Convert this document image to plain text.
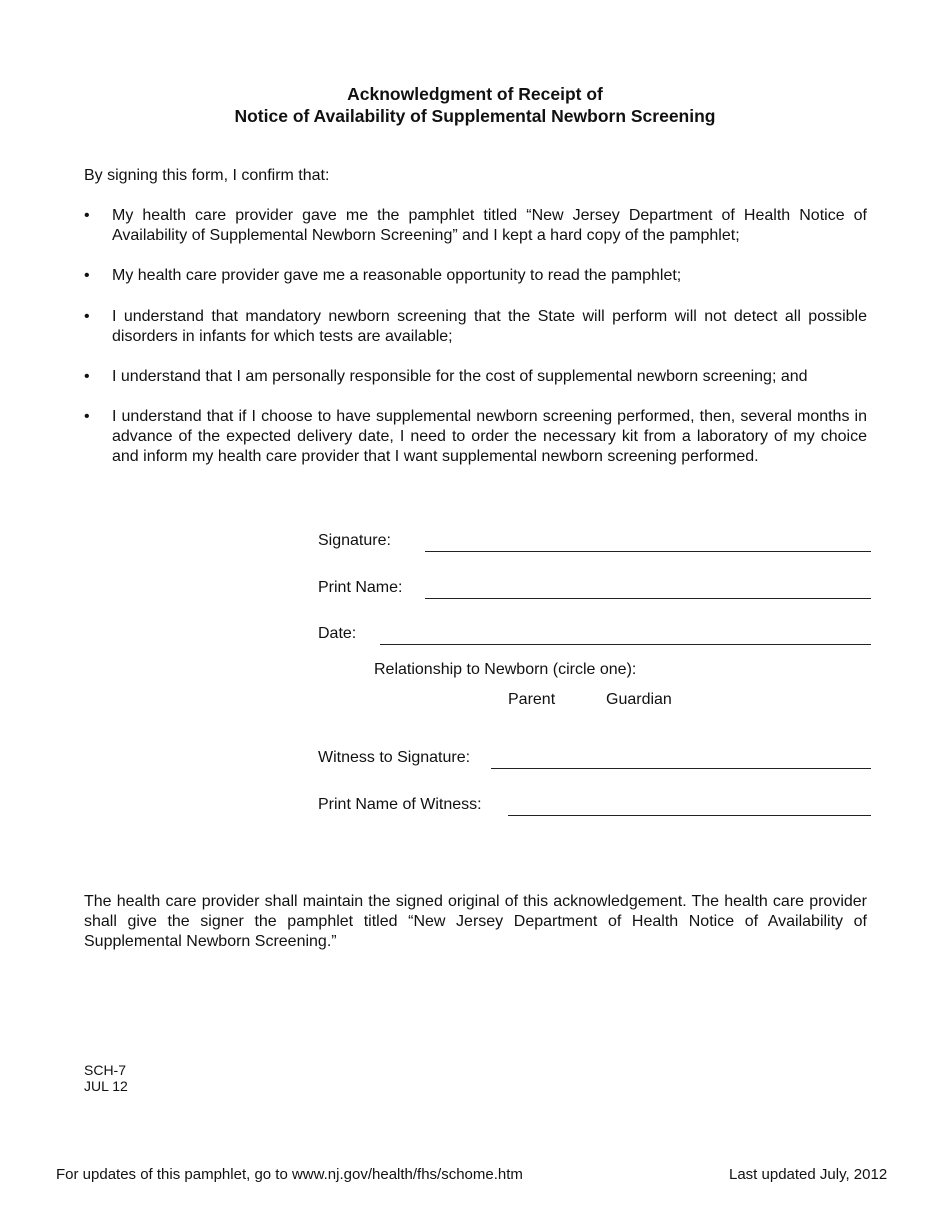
Acknowledgment of Receipt of
Notice of Availability of Supplemental Newborn Screening
By signing this form, I confirm that:
•	My health care provider gave me the pamphlet titled “New Jersey Department of Health Notice of Availability of Supplemental Newborn Screening” and I kept a hard copy of the pamphlet;
•	My health care provider gave me a reasonable opportunity to read the pamphlet;
•	I understand that mandatory newborn screening that the State will perform will not detect all possible disorders in infants for which tests are available;
•	I understand that I am personally responsible for the cost of supplemental newborn screening; and
•	I understand that if I choose to have supplemental newborn screening performed, then, several months in advance of the expected delivery date, I need to order the necessary kit from a laboratory of my choice and inform my health care provider that I want supplemental newborn screening performed.
Signature:
Print Name:
Date:
Relationship to Newborn (circle one):
Parent	Guardian
Witness to Signature:
Print Name of Witness:
The health care provider shall maintain the signed original of this acknowledgement. The health care provider shall give the signer the pamphlet titled “New Jersey Department of Health Notice of Availability of Supplemental Newborn Screening.”
SCH-7
JUL 12
For updates of this pamphlet, go to www.nj.gov/health/fhs/schome.htm	Last updated July, 2012
